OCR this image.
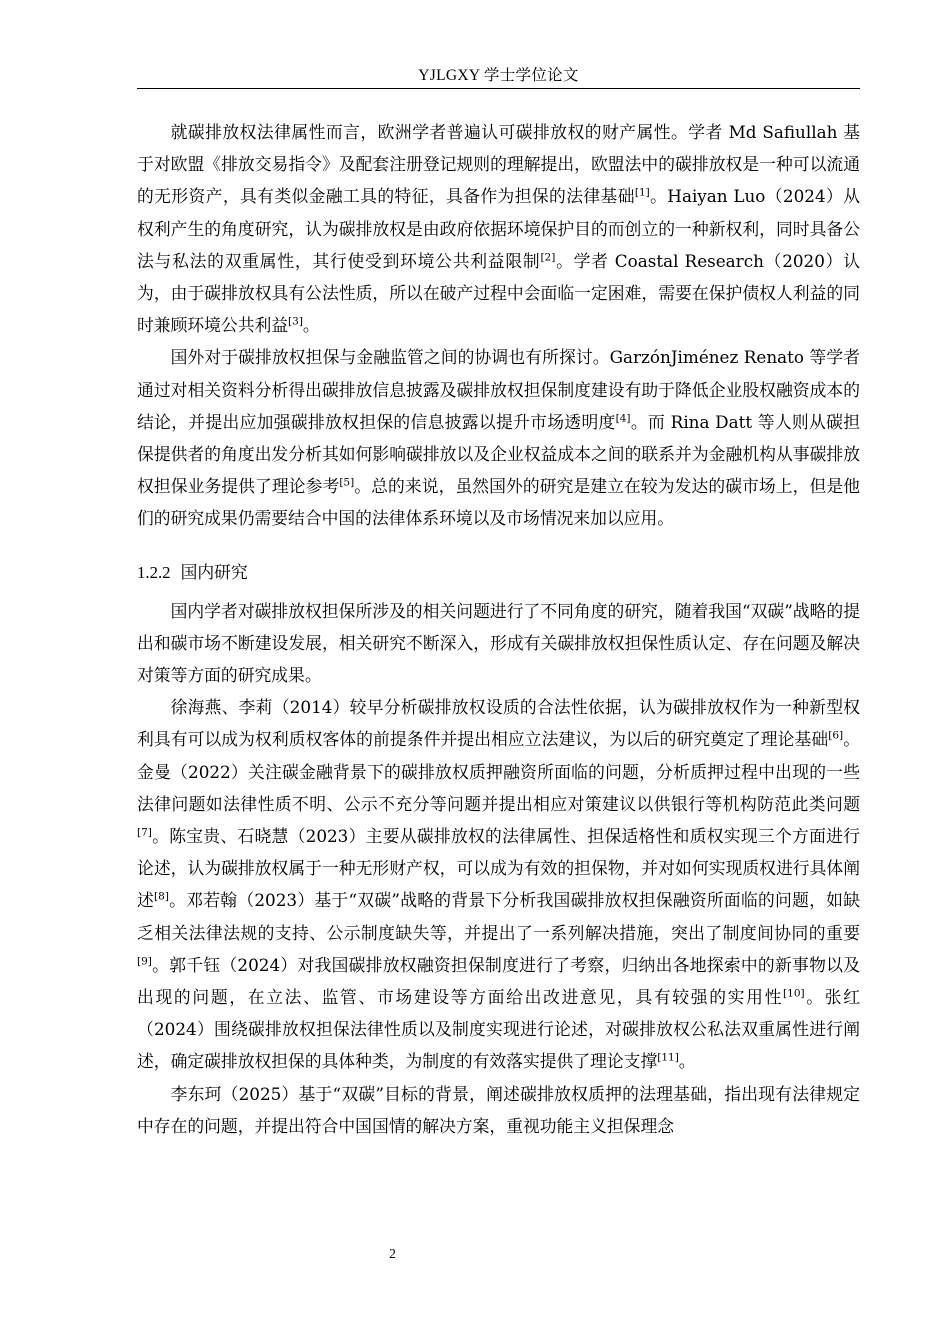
YJLGXY 学士学位论文

就碳排放权法律属性而言，欧洲学者普遍认可碳排放权的财产属性。学者 Md Safiullah 基于对欧盟《排放交易指令》及配套注册登记规则的理解提出，欧盟法中的碳排放权是一种可以流通的无形资产，具有类似金融工具的特征，具备作为担保的法律基础[1]。Haiyan Luo（2024）从权利产生的角度研究，认为碳排放权是由政府依据环境保护目的而创立的一种新权利，同时具备公法与私法的双重属性，其行使受到环境公共利益限制[2]。学者 Coastal Research（2020）认为，由于碳排放权具有公法性质，所以在破产过程中会面临一定困难，需要在保护债权人利益的同时兼顾环境公共利益[3]。

国外对于碳排放权担保与金融监管之间的协调也有所探讨。GarzónJiménez Renato 等学者通过对相关资料分析得出碳排放信息披露及碳排放权担保制度建设有助于降低企业股权融资成本的结论，并提出应加强碳排放权担保的信息披露以提升市场透明度[4]。而 Rina Datt 等人则从碳担保提供者的角度出发分析其如何影响碳排放以及企业权益成本之间的联系并为金融机构从事碳排放权担保业务提供了理论参考[5]。总的来说，虽然国外的研究是建立在较为发达的碳市场上，但是他们的研究成果仍需要结合中国的法律体系环境以及市场情况来加以应用。

1.2.2 国内研究

国内学者对碳排放权担保所涉及的相关问题进行了不同角度的研究，随着我国“双碳”战略的提出和碳市场不断建设发展，相关研究不断深入，形成有关碳排放权担保性质认定、存在问题及解决对策等方面的研究成果。

徐海燕、李莉（2014）较早分析碳排放权设质的合法性依据，认为碳排放权作为一种新型权利具有可以成为权利质权客体的前提条件并提出相应立法建议，为以后的研究奠定了理论基础[6]。金曼（2022）关注碳金融背景下的碳排放权质押融资所面临的问题，分析质押过程中出现的一些法律问题如法律性质不明、公示不充分等问题并提出相应对策建议以供银行等机构防范此类问题[7]。陈宝贵、石晓慧（2023）主要从碳排放权的法律属性、担保适格性和质权实现三个方面进行论述，认为碳排放权属于一种无形财产权，可以成为有效的担保物，并对如何实现质权进行具体阐述[8]。邓若翰（2023）基于“双碳”战略的背景下分析我国碳排放权担保融资所面临的问题，如缺乏相关法律法规的支持、公示制度缺失等，并提出了一系列解决措施，突出了制度间协同的重要[9]。郭千钰（2024）对我国碳排放权融资担保制度进行了考察，归纳出各地探索中的新事物以及出现的问题，在立法、监管、市场建设等方面给出改进意见，具有较强的实用性[10]。张红（2024）围绕碳排放权担保法律性质以及制度实现进行论述，对碳排放权公私法双重属性进行阐述，确定碳排放权担保的具体种类，为制度的有效落实提供了理论支撑[11]。

李东珂（2025）基于“双碳”目标的背景，阐述碳排放权质押的法理基础，指出现有法律规定中存在的问题，并提出符合中国国情的解决方案，重视功能主义担保理念

2
